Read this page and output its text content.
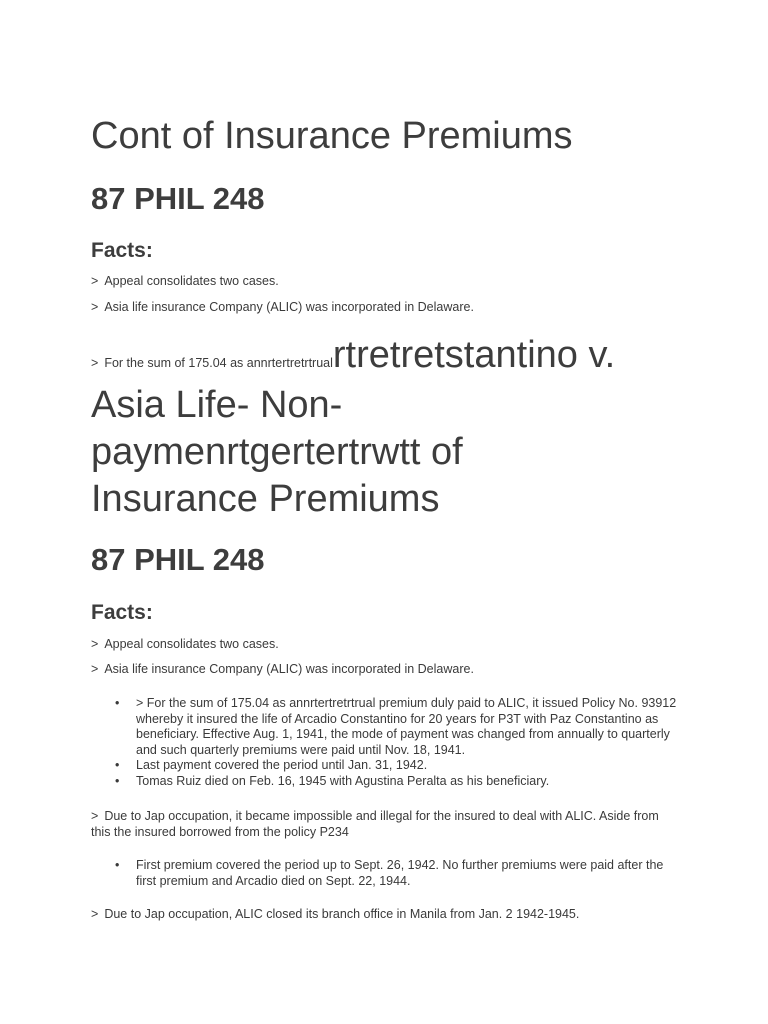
Cont of Insurance Premiums
87 PHIL 248
Facts:

> Appeal consolidates two cases.

> Asia life insurance Company (ALIC) was incorporated in Delaware.

> For the sum of 175.04 as annrtertretrtrualrtretretstantino v.
Asia Life- Non-
paymenrtgertertrwtt of
Insurance Premiums
87 PHIL 248
Facts:

> Appeal consolidates two cases.

> Asia life insurance Company (ALIC) was incorporated in Delaware.

• > For the sum of 175.04 as annrtertretrtrual premium duly paid to ALIC, it issued Policy No. 93912 whereby it insured the life of Arcadio Constantino for 20 years for P3T with Paz Constantino as beneficiary. Effective Aug. 1, 1941, the mode of payment was changed from annually to quarterly and such quarterly premiums were paid until Nov. 18, 1941.
• Last payment covered the period until Jan. 31, 1942.
• Tomas Ruiz died on Feb. 16, 1945 with Agustina Peralta as his beneficiary.

> Due to Jap occupation, it became impossible and illegal for the insured to deal with ALIC. Aside from this the insured borrowed from the policy P234

• First premium covered the period up to Sept. 26, 1942. No further premiums were paid after the first premium and Arcadio died on Sept. 22, 1944.

> Due to Jap occupation, ALIC closed its branch office in Manila from Jan. 2 1942-1945.
